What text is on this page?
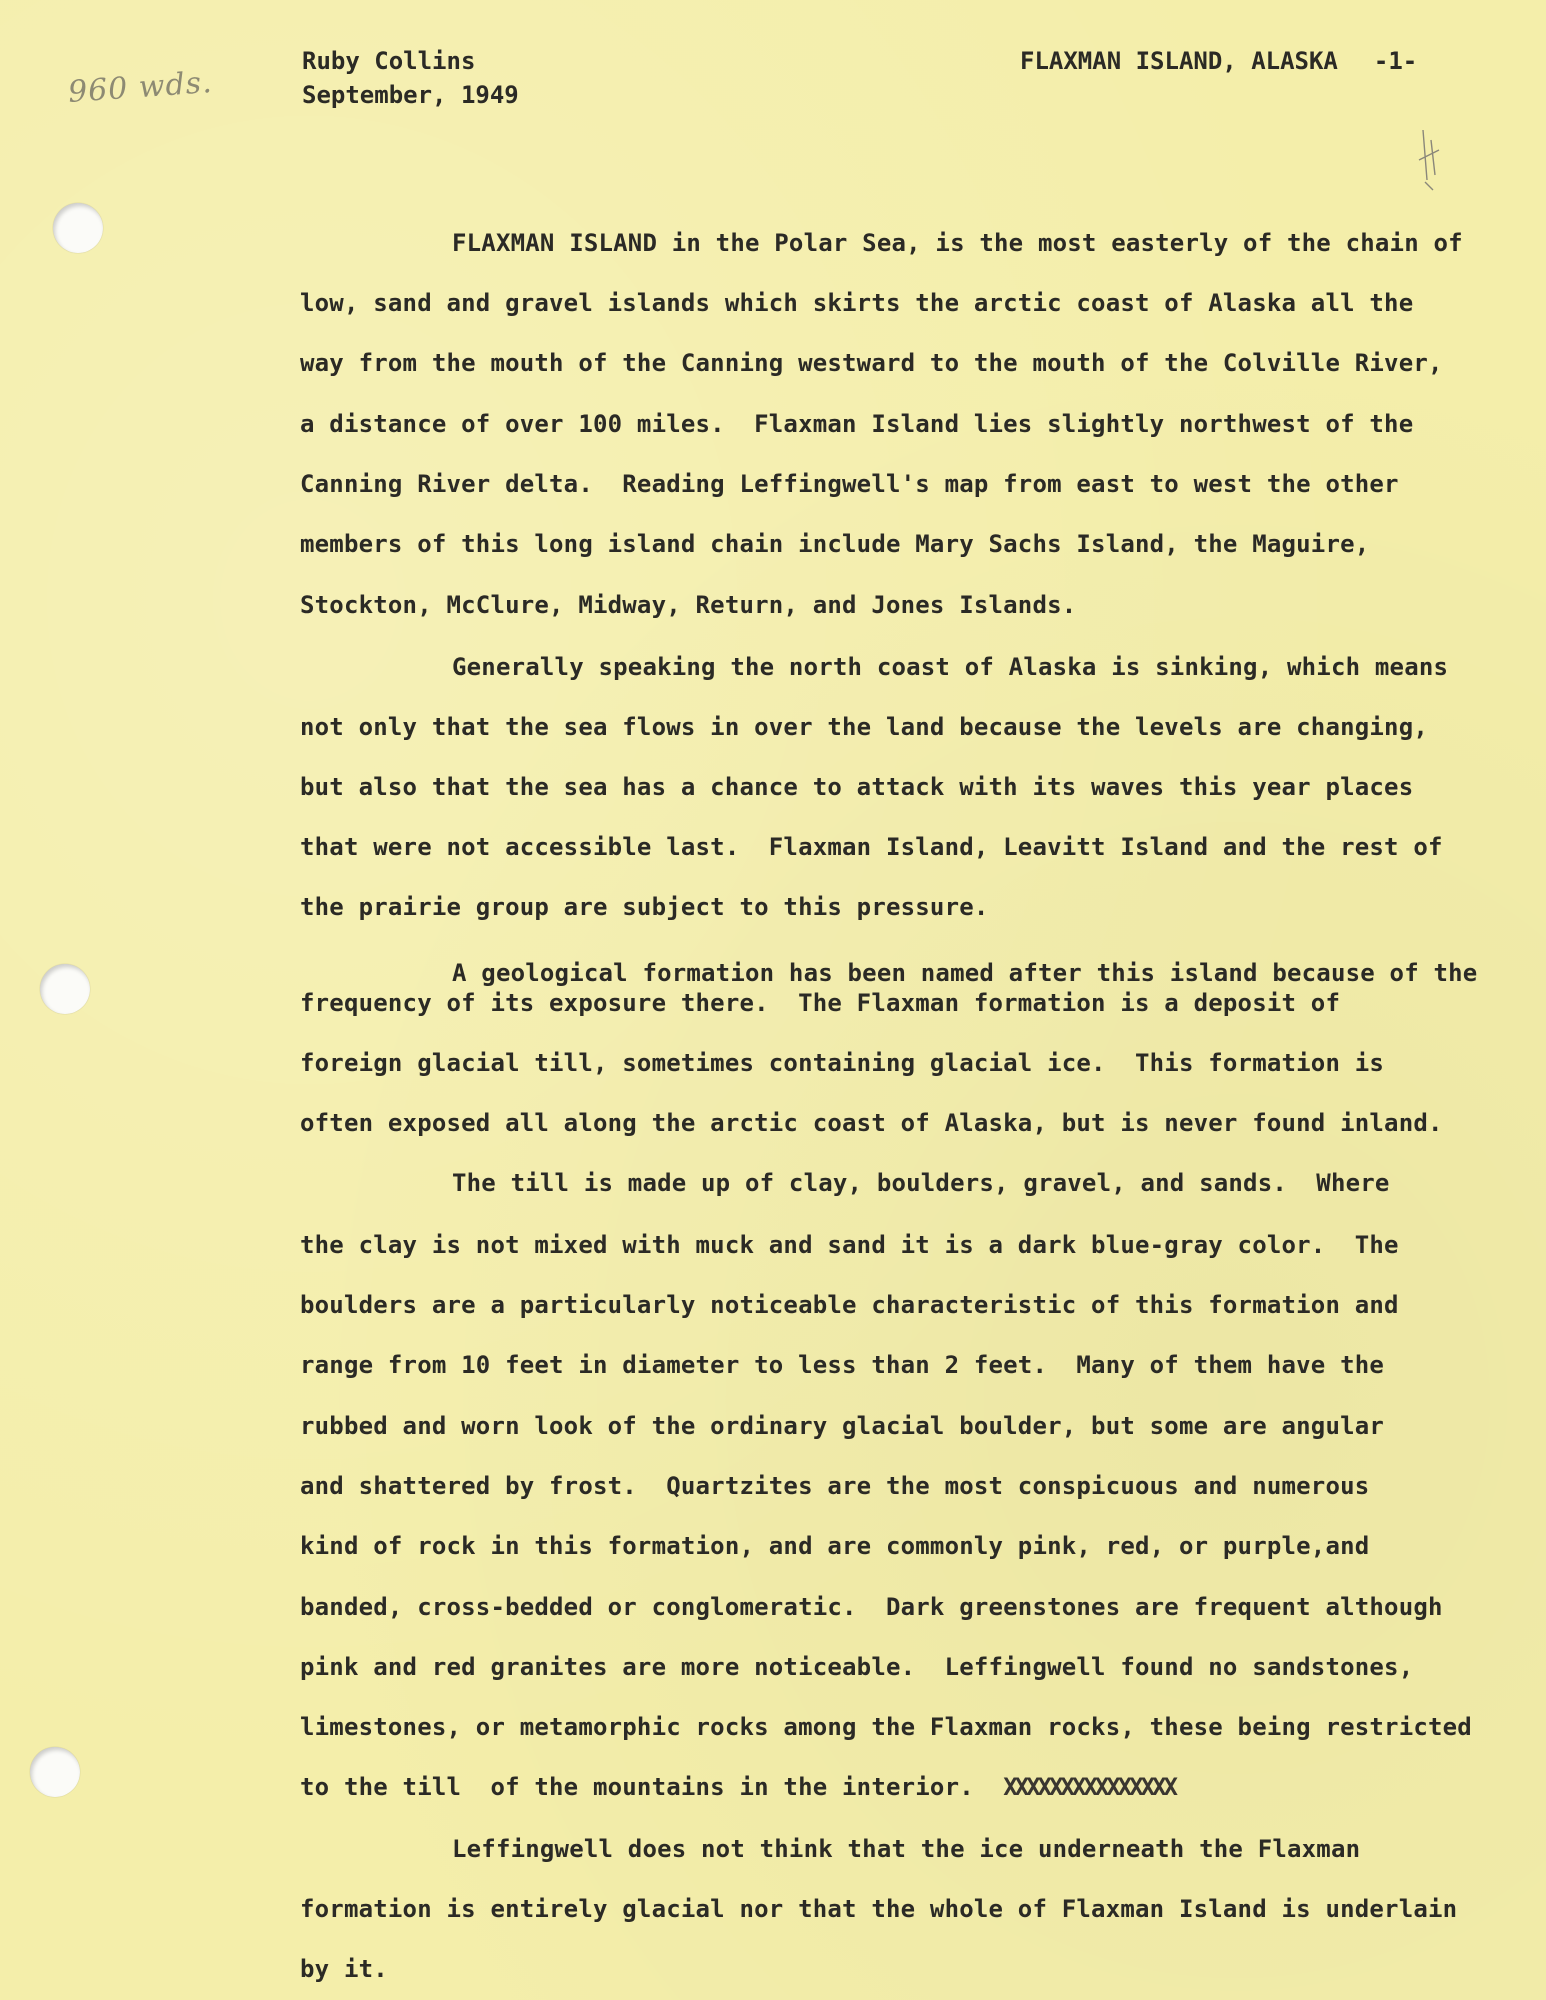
960 wds.
Ruby Collins
September, 1949
FLAXMAN ISLAND, ALASKA -1-
FLAXMAN ISLAND in the Polar Sea, is the most easterly of the chain of
low, sand and gravel islands which skirts the arctic coast of Alaska all the
way from the mouth of the Canning westward to the mouth of the Colville River,
a distance of over 100 miles.  Flaxman Island lies slightly northwest of the
Canning River delta.  Reading Leffingwell's map from east to west the other
members of this long island chain include Mary Sachs Island, the Maguire,
Stockton, McClure, Midway, Return, and Jones Islands.
Generally speaking the north coast of Alaska is sinking, which means
not only that the sea flows in over the land because the levels are changing,
but also that the sea has a chance to attack with its waves this year places
that were not accessible last.  Flaxman Island, Leavitt Island and the rest of
the prairie group are subject to this pressure.
A geological formation has been named after this island because of the
frequency of its exposure there.  The Flaxman formation is a deposit of
foreign glacial till, sometimes containing glacial ice.  This formation is
often exposed all along the arctic coast of Alaska, but is never found inland.
The till is made up of clay, boulders, gravel, and sands.  Where
the clay is not mixed with muck and sand it is a dark blue-gray color.  The
boulders are a particularly noticeable characteristic of this formation and
range from 10 feet in diameter to less than 2 feet.  Many of them have the
rubbed and worn look of the ordinary glacial boulder, but some are angular
and shattered by frost.  Quartzites are the most conspicuous and numerous
kind of rock in this formation, and are commonly pink, red, or purple,and
banded, cross-bedded or conglomeratic.  Dark greenstones are frequent although
pink and red granites are more noticeable.  Leffingwell found no sandstones,
limestones, or metamorphic rocks among the Flaxman rocks, these being restricted
to the till  of the mountains in the interior. XXXXXXXXXXXXXXX
Leffingwell does not think that the ice underneath the Flaxman
formation is entirely glacial nor that the whole of Flaxman Island is underlain
by it.
